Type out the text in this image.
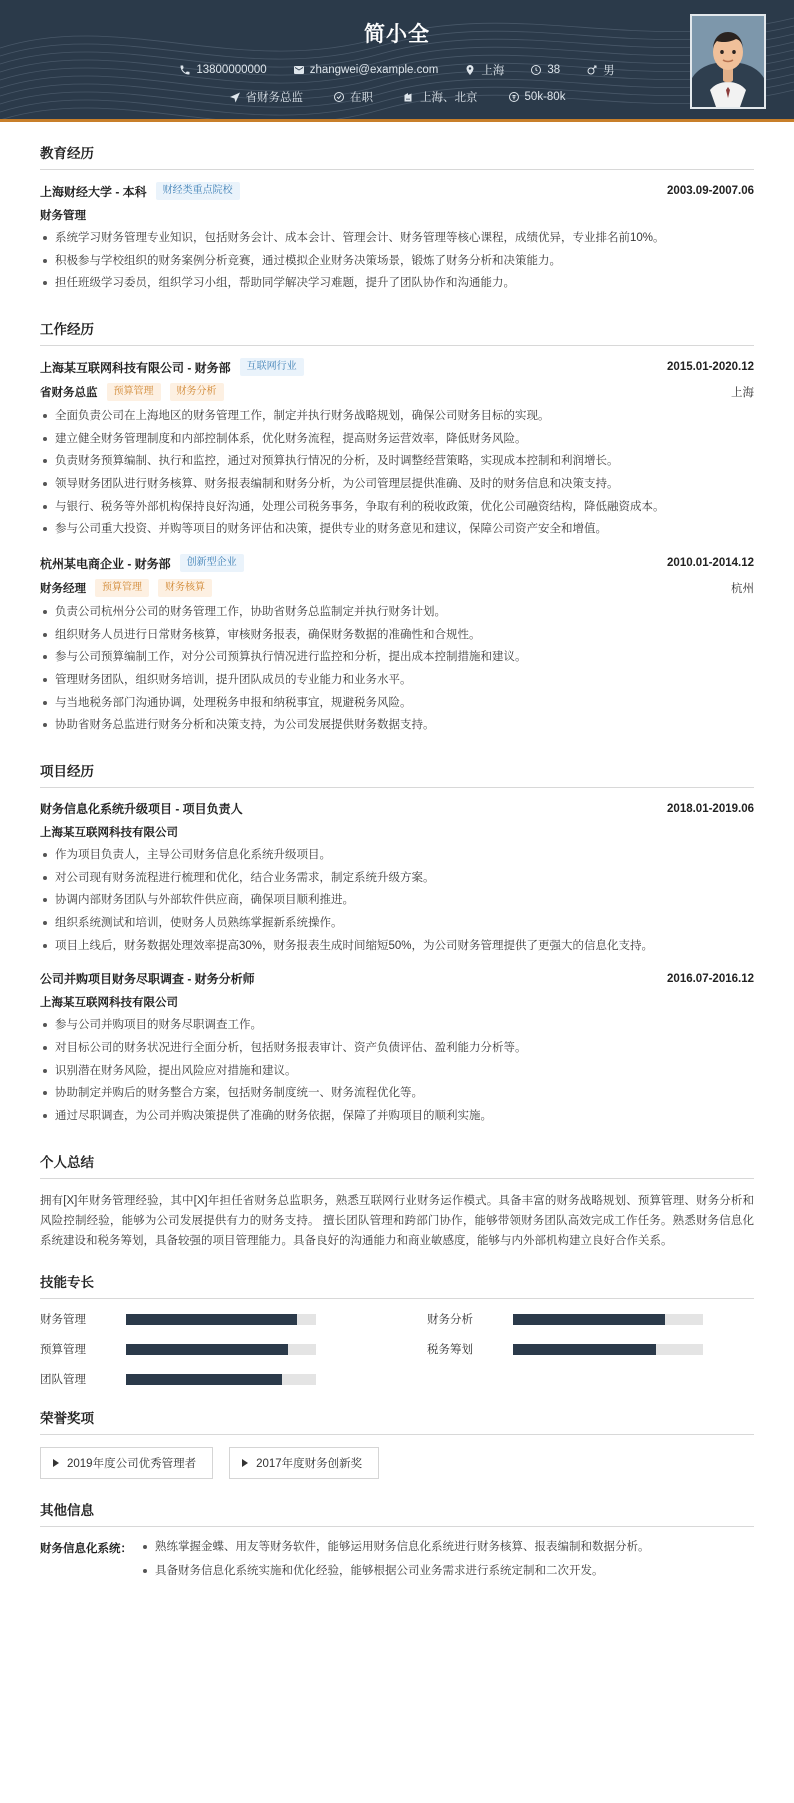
简小全
13800000000	zhangwei@example.com	上海	38	男
省财务总监	在职	上海、北京	50k-80k
教育经历
上海财经大学 - 本科	财经类重点院校	2003.09-2007.06
财务管理
系统学习财务管理专业知识，包括财务会计、成本会计、管理会计、财务管理等核心课程，成绩优异，专业排名前10%。
积极参与学校组织的财务案例分析竞赛，通过模拟企业财务决策场景，锻炼了财务分析和决策能力。
担任班级学习委员，组织学习小组，帮助同学解决学习难题，提升了团队协作和沟通能力。
工作经历
上海某互联网科技有限公司 - 财务部	互联网行业	2015.01-2020.12
省财务总监	预算管理	财务分析	上海
全面负责公司在上海地区的财务管理工作，制定并执行财务战略规划，确保公司财务目标的实现。
建立健全财务管理制度和内部控制体系，优化财务流程，提高财务运营效率，降低财务风险。
负责财务预算编制、执行和监控，通过对预算执行情况的分析，及时调整经营策略，实现成本控制和利润增长。
领导财务团队进行财务核算、财务报表编制和财务分析，为公司管理层提供准确、及时的财务信息和决策支持。
与银行、税务等外部机构保持良好沟通，处理公司税务事务，争取有利的税收政策，优化公司融资结构，降低融资成本。
参与公司重大投资、并购等项目的财务评估和决策，提供专业的财务意见和建议，保障公司资产安全和增值。
杭州某电商企业 - 财务部	创新型企业	2010.01-2014.12
财务经理	预算管理	财务核算	杭州
负责公司杭州分公司的财务管理工作，协助省财务总监制定并执行财务计划。
组织财务人员进行日常财务核算，审核财务报表，确保财务数据的准确性和合规性。
参与公司预算编制工作，对分公司预算执行情况进行监控和分析，提出成本控制措施和建议。
管理财务团队，组织财务培训，提升团队成员的专业能力和业务水平。
与当地税务部门沟通协调，处理税务申报和纳税事宜，规避税务风险。
协助省财务总监进行财务分析和决策支持，为公司发展提供财务数据支持。
项目经历
财务信息化系统升级项目 - 项目负责人	2018.01-2019.06
上海某互联网科技有限公司
作为项目负责人，主导公司财务信息化系统升级项目。
对公司现有财务流程进行梳理和优化，结合业务需求，制定系统升级方案。
协调内部财务团队与外部软件供应商，确保项目顺利推进。
组织系统测试和培训，使财务人员熟练掌握新系统操作。
项目上线后，财务数据处理效率提高30%，财务报表生成时间缩短50%，为公司财务管理提供了更强大的信息化支持。
公司并购项目财务尽职调查 - 财务分析师	2016.07-2016.12
上海某互联网科技有限公司
参与公司并购项目的财务尽职调查工作。
对目标公司的财务状况进行全面分析，包括财务报表审计、资产负债评估、盈利能力分析等。
识别潜在财务风险，提出风险应对措施和建议。
协助制定并购后的财务整合方案，包括财务制度统一、财务流程优化等。
通过尽职调查，为公司并购决策提供了准确的财务依据，保障了并购项目的顺利实施。
个人总结
拥有[X]年财务管理经验，其中[X]年担任省财务总监职务，熟悉互联网行业财务运作模式。具备丰富的财务战略规划、预算管理、财务分析和风险控制经验，能够为公司发展提供有力的财务支持。 擅长团队管理和跨部门协作，能够带领财务团队高效完成工作任务。熟悉财务信息化系统建设和税务筹划，具备较强的项目管理能力。具备良好的沟通能力和商业敏感度，能够与内外部机构建立良好合作关系。
技能专长
财务管理	财务分析
预算管理	税务筹划
团队管理
荣誉奖项
2019年度公司优秀管理者	2017年度财务创新奖
其他信息
财务信息化系统：	熟练掌握金蝶、用友等财务软件，能够运用财务信息化系统进行财务核算、报表编制和数据分析。
具备财务信息化系统实施和优化经验，能够根据公司业务需求进行系统定制和二次开发。
